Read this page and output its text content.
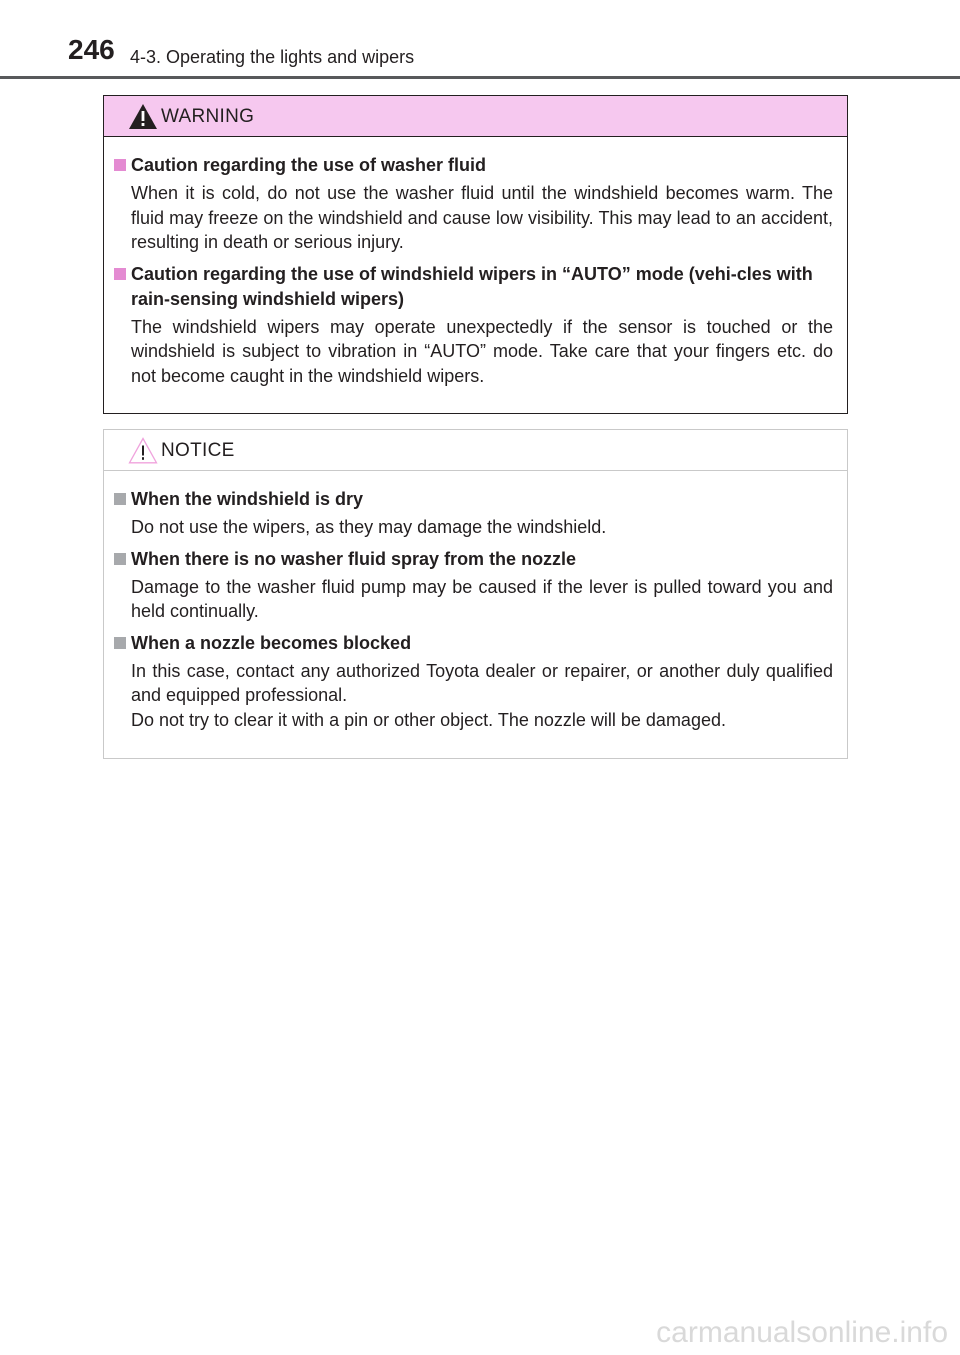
246 4-3. Operating the lights and wipers
WARNING
Caution regarding the use of washer fluid
When it is cold, do not use the washer fluid until the windshield becomes warm. The fluid may freeze on the windshield and cause low visibility. This may lead to an accident, resulting in death or serious injury.
Caution regarding the use of windshield wipers in “AUTO” mode (vehi-cles with rain-sensing windshield wipers)
The windshield wipers may operate unexpectedly if the sensor is touched or the windshield is subject to vibration in “AUTO” mode. Take care that your fingers etc. do not become caught in the windshield wipers.
NOTICE
When the windshield is dry
Do not use the wipers, as they may damage the windshield.
When there is no washer fluid spray from the nozzle
Damage to the washer fluid pump may be caused if the lever is pulled toward you and held continually.
When a nozzle becomes blocked
In this case, contact any authorized Toyota dealer or repairer, or another duly qualified and equipped professional.
Do not try to clear it with a pin or other object. The nozzle will be damaged.
carmanualsonline.info
